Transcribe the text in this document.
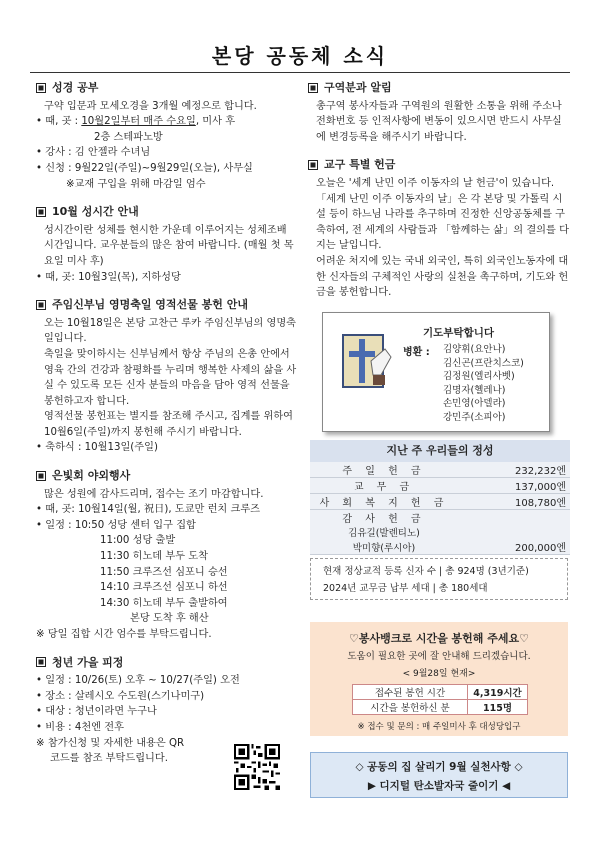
본당 공동체 소식
성경 공부
구약 입문과 모세오경을 3개월 예정으로 합니다.
• 때, 곳 : 10월2일부터 매주 수요일, 미사 후
2층 스테파노방
• 강사 : 김 안젤라 수녀님
• 신청 : 9월22일(주일)~9월29일(오늘), 사무실
※교재 구입을 위해 마감일 엄수
10월 성시간 안내
성시간이란 성체를 현시한 가운데 이루어지는 성체조배 시간입니다. 교우분들의 많은 참여 바랍니다. (매월 첫 목요일 미사 후)
• 때, 곳: 10월3일(목), 지하성당
주임신부님 영명축일 영적선물 봉헌 안내
오는 10월18일은 본당 고찬근 루카 주임신부님의 영명축일입니다.
축일을 맞이하시는 신부님께서 항상 주님의 은총 안에서 영육 간의 건강과 참평화를 누리며 행복한 사제의 삶을 사실 수 있도록 모든 신자 분들의 마음을 담아 영적 선물을 봉헌하고자 합니다.
영적선물 봉헌표는 별지를 참조해 주시고, 집계를 위하여 10월6일(주일)까지 봉헌해 주시기 바랍니다.
• 축하식 : 10월13일(주일)
은빛회 야외행사
많은 성원에 감사드리며, 접수는 조기 마감합니다.
• 때, 곳: 10월14일(월, 祝日), 도쿄만 런치 크루즈
• 일정 : 10:50 성당 센터 입구 집합
11:00 성당 출발
11:30 히노데 부두 도착
11:50 크루즈선 심포니 승선
14:10 크루즈선 심포니 하선
14:30 히노데 부두 출발하여
본당 도착 후 해산
※ 당일 집합 시간 엄수를 부탁드립니다.
청년 가을 피정
• 일정 : 10/26(토) 오후 ~ 10/27(주일) 오전
• 장소 : 살레시오 수도원(스기나미구)
• 대상 : 청년이라면 누구나
• 비용 : 4천엔 전후
※ 참가신청 및 자세한 내용은 QR
코드를 참조 부탁드립니다.
구역분과 알림
총구역 봉사자들과 구역원의 원활한 소통을 위해 주소나 전화번호 등 인적사항에 변동이 있으시면 반드시 사무실에 변경등록을 해주시기 바랍니다.
교구 특별 헌금
오늘은 '세계 난민 이주 이동자의 날 헌금'이 있습니다. 「세계 난민 이주 이동자의 날」은 각 본당 및 가톨릭 시설 등이 하느님 나라를 추구하며 진정한 신앙공동체를 구축하여, 전 세계의 사람들과 「함께하는 삶」의 결의를 다지는 날입니다.
어려운 처지에 있는 국내 외국인, 특히 외국인노동자에 대한 신자들의 구체적인 사랑의 실천을 촉구하며, 기도와 헌금을 봉헌합니다.
기도부탁합니다
병환 : 김양휘(요안나)
김신곤(프란치스코)
김정원(엘리사벳)
김명자(헬레나)
손민영(아델라)
강민주(소피아)
지난 주 우리들의 정성
주 일 헌 금	232,232엔
교 무 금	137,000엔
사 회 복 지 헌 금	108,780엔
감 사 헌 금	
김유길(발렌티노)	
박미향(루시아)	200,000엔
현재 정상교적 등록 신자 수 | 총 924명 (3년기준)
2024년 교무금 납부 세대 | 총 180세대
♡봉사뱅크로 시간을 봉헌해 주세요♡
도움이 필요한 곳에 잘 안내해 드리겠습니다.
< 9월28일 현재>
접수된 봉헌 시간	4,319시간
시간을 봉헌하신 분	115명
※ 접수 및 문의 : 매 주일미사 후 대성당입구
◇ 공동의 집 살리기 9월 실천사항 ◇
▶ 디지털 탄소발자국 줄이기 ◀
